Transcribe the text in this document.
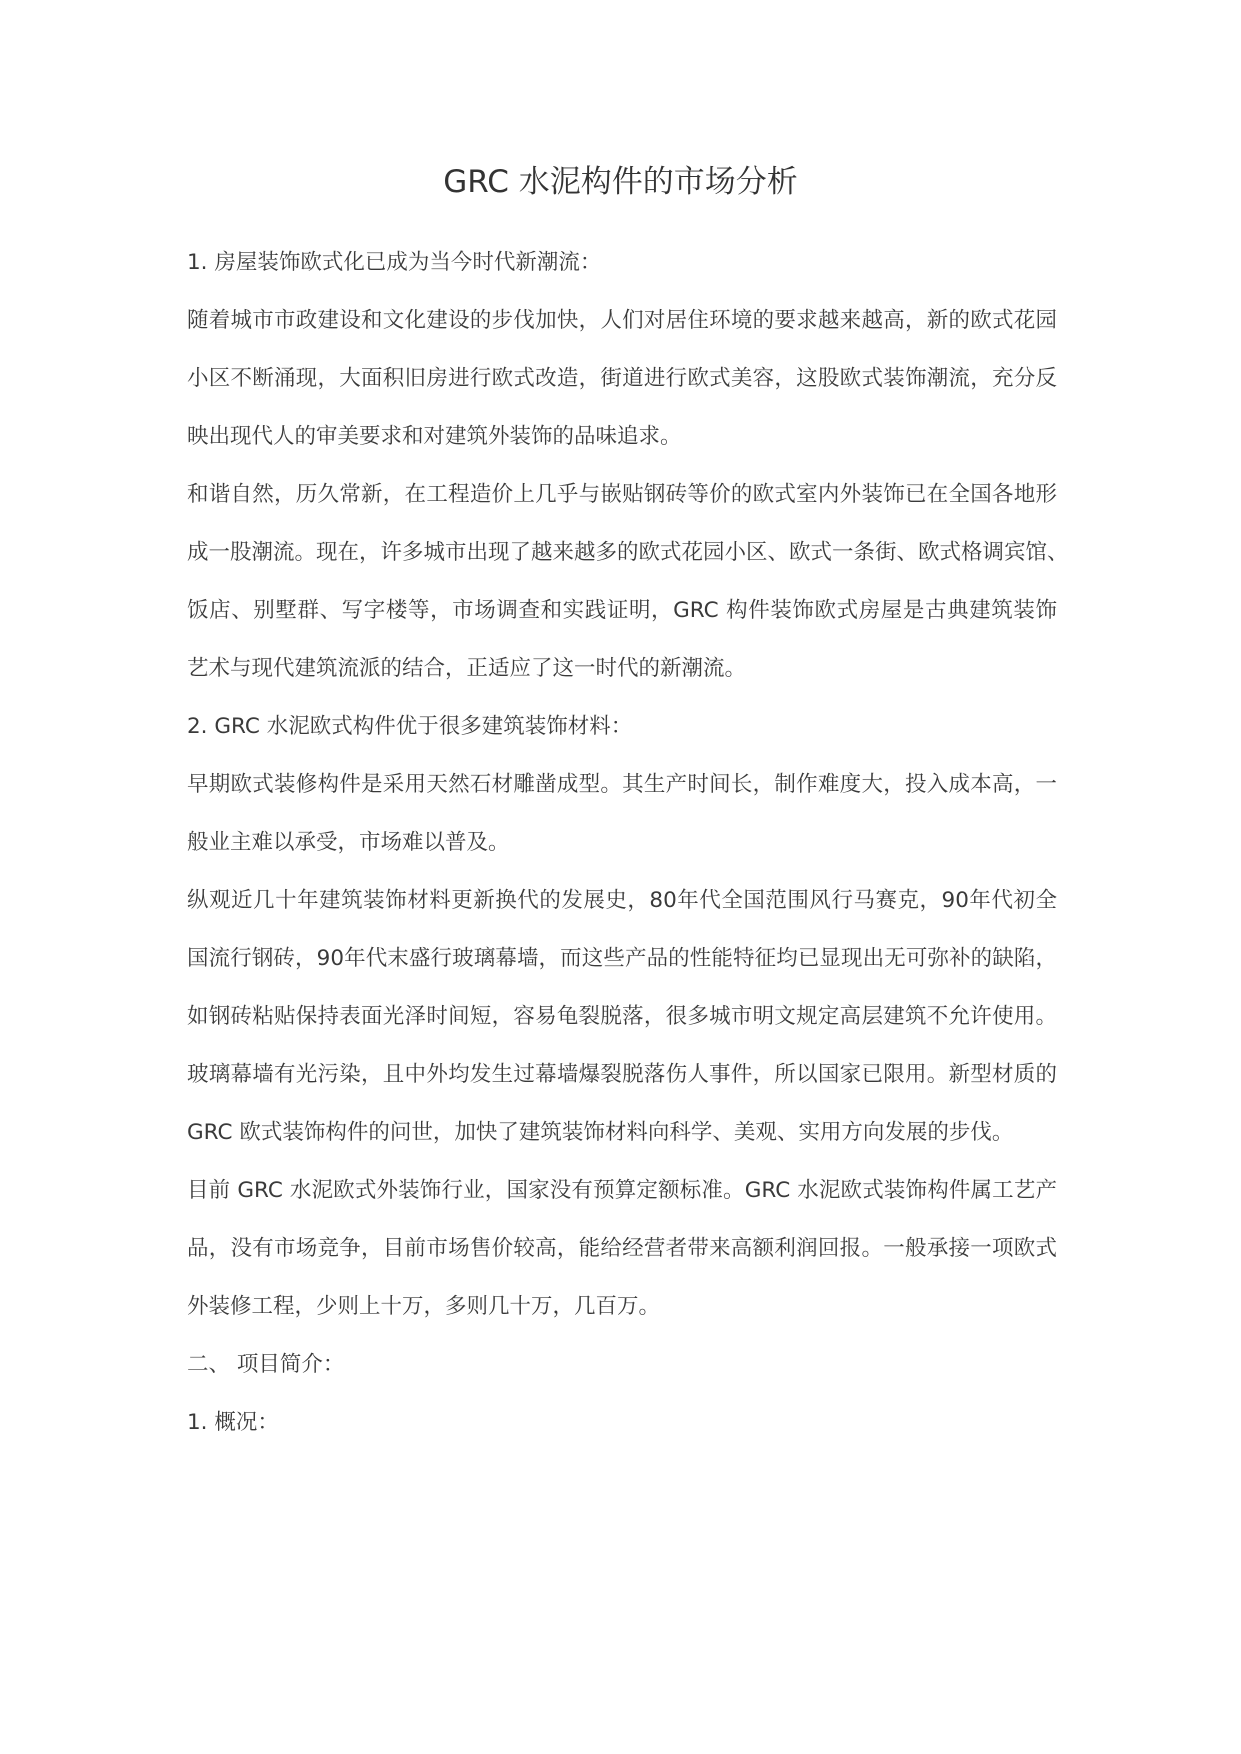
GRC 水泥构件的市场分析
1. 房屋装饰欧式化已成为当今时代新潮流：
随着城市市政建设和文化建设的步伐加快，人们对居住环境的要求越来越高，新的欧式花园
小区不断涌现，大面积旧房进行欧式改造，街道进行欧式美容，这股欧式装饰潮流，充分反
映出现代人的审美要求和对建筑外装饰的品味追求。
和谐自然，历久常新，在工程造价上几乎与嵌贴钢砖等价的欧式室内外装饰已在全国各地形
成一股潮流。现在，许多城市出现了越来越多的欧式花园小区、欧式一条街、欧式格调宾馆、
饭店、别墅群、写字楼等，市场调查和实践证明，GRC 构件装饰欧式房屋是古典建筑装饰
艺术与现代建筑流派的结合，正适应了这一时代的新潮流。
2. GRC 水泥欧式构件优于很多建筑装饰材料：
早期欧式装修构件是采用天然石材雕凿成型。其生产时间长，制作难度大，投入成本高，一
般业主难以承受，市场难以普及。
纵观近几十年建筑装饰材料更新换代的发展史，80年代全国范围风行马赛克，90年代初全
国流行钢砖，90年代末盛行玻璃幕墙，而这些产品的性能特征均已显现出无可弥补的缺陷，
如钢砖粘贴保持表面光泽时间短，容易龟裂脱落，很多城市明文规定高层建筑不允许使用。
玻璃幕墙有光污染，且中外均发生过幕墙爆裂脱落伤人事件，所以国家已限用。新型材质的
GRC 欧式装饰构件的问世，加快了建筑装饰材料向科学、美观、实用方向发展的步伐。
目前 GRC 水泥欧式外装饰行业，国家没有预算定额标准。GRC 水泥欧式装饰构件属工艺产
品，没有市场竞争，目前市场售价较高，能给经营者带来高额利润回报。一般承接一项欧式
外装修工程，少则上十万，多则几十万，几百万。
二、 项目简介：
1. 概况：
